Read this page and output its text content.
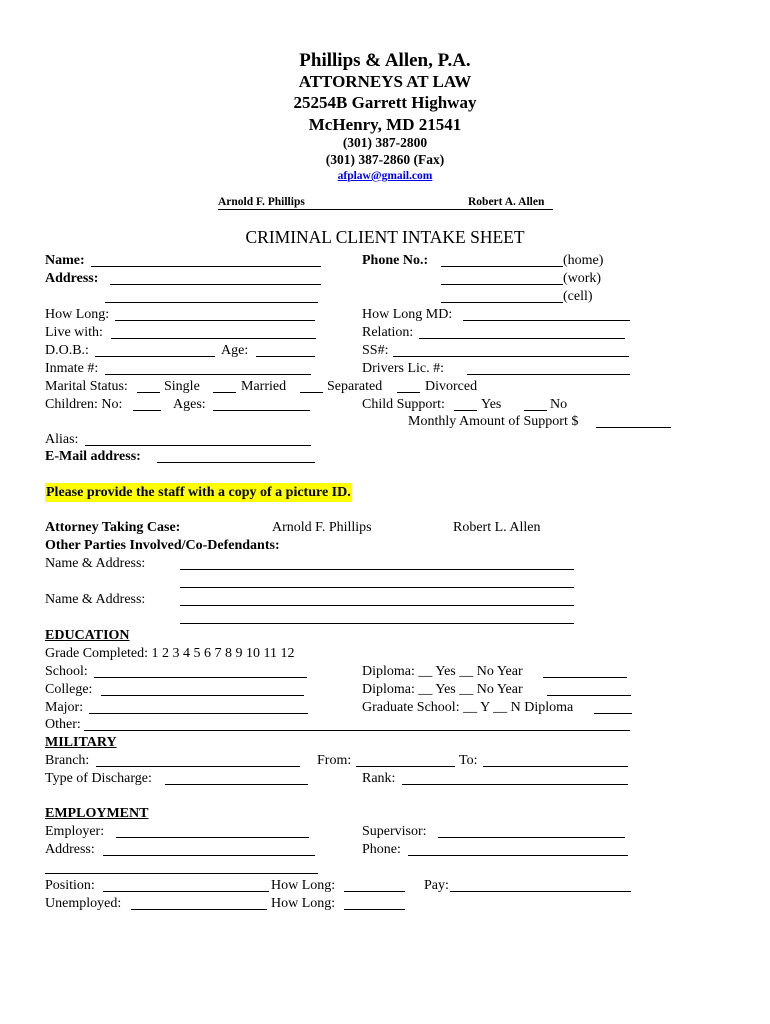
Phillips & Allen, P.A.
ATTORNEYS AT LAW
25254B Garrett Highway
McHenry, MD 21541
(301) 387-2800
(301) 387-2860 (Fax)
afplaw@gmail.com
Arnold F. Phillips	Robert A. Allen
CRIMINAL CLIENT INTAKE SHEET
Name:	Phone No.:	(home)
Address:	(work)
(cell)
How Long:	How Long MD:
Live with:	Relation:
D.O.B.:	Age:	SS#:
Inmate #:	Drivers Lic. #:
Marital Status:	Single	Married	Separated	Divorced
Children: No:	Ages:	Child Support:	Yes	No
Monthly Amount of Support $
Alias:
E-Mail address:
Please provide the staff with a copy of a picture ID.
Attorney Taking Case:	Arnold F. Phillips	Robert L. Allen
Other Parties Involved/Co-Defendants:
Name & Address:
Name & Address:
EDUCATION
Grade Completed: 1 2 3 4 5 6 7 8 9 10 11 12
School:	Diploma: __ Yes __ No Year
College:	Diploma: __ Yes __ No Year
Major:	Graduate School: __ Y __ N Diploma
Other:
MILITARY
Branch:	From:	To:
Type of Discharge:	Rank:
EMPLOYMENT
Employer:	Supervisor:
Address:	Phone:
Position:	How Long:	Pay:
Unemployed:	How Long:
